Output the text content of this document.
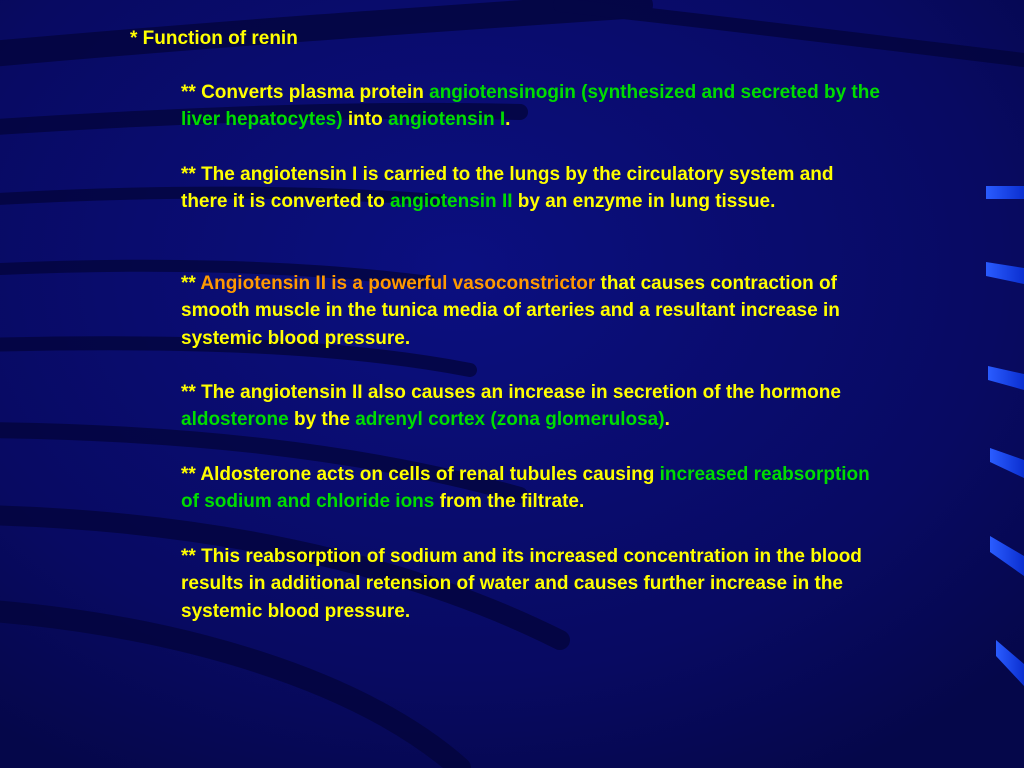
* Function of renin
** Converts plasma protein angiotensinogin (synthesized and secreted by the liver hepatocytes) into angiotensin I.
** The angiotensin I is carried to the lungs by the circulatory system and there it is converted to angiotensin II by an enzyme in lung tissue.
** Angiotensin II is a powerful vasoconstrictor that causes contraction of smooth muscle in the tunica media of arteries and a resultant increase in systemic blood pressure.
** The angiotensin II also causes an increase in secretion of the hormone aldosterone by the adrenyl cortex (zona glomerulosa).
** Aldosterone acts on cells of renal tubules causing increased reabsorption of sodium and chloride ions from the filtrate.
** This reabsorption of sodium and its increased concentration in the blood results in additional retension of water and causes further increase in the systemic blood pressure.
